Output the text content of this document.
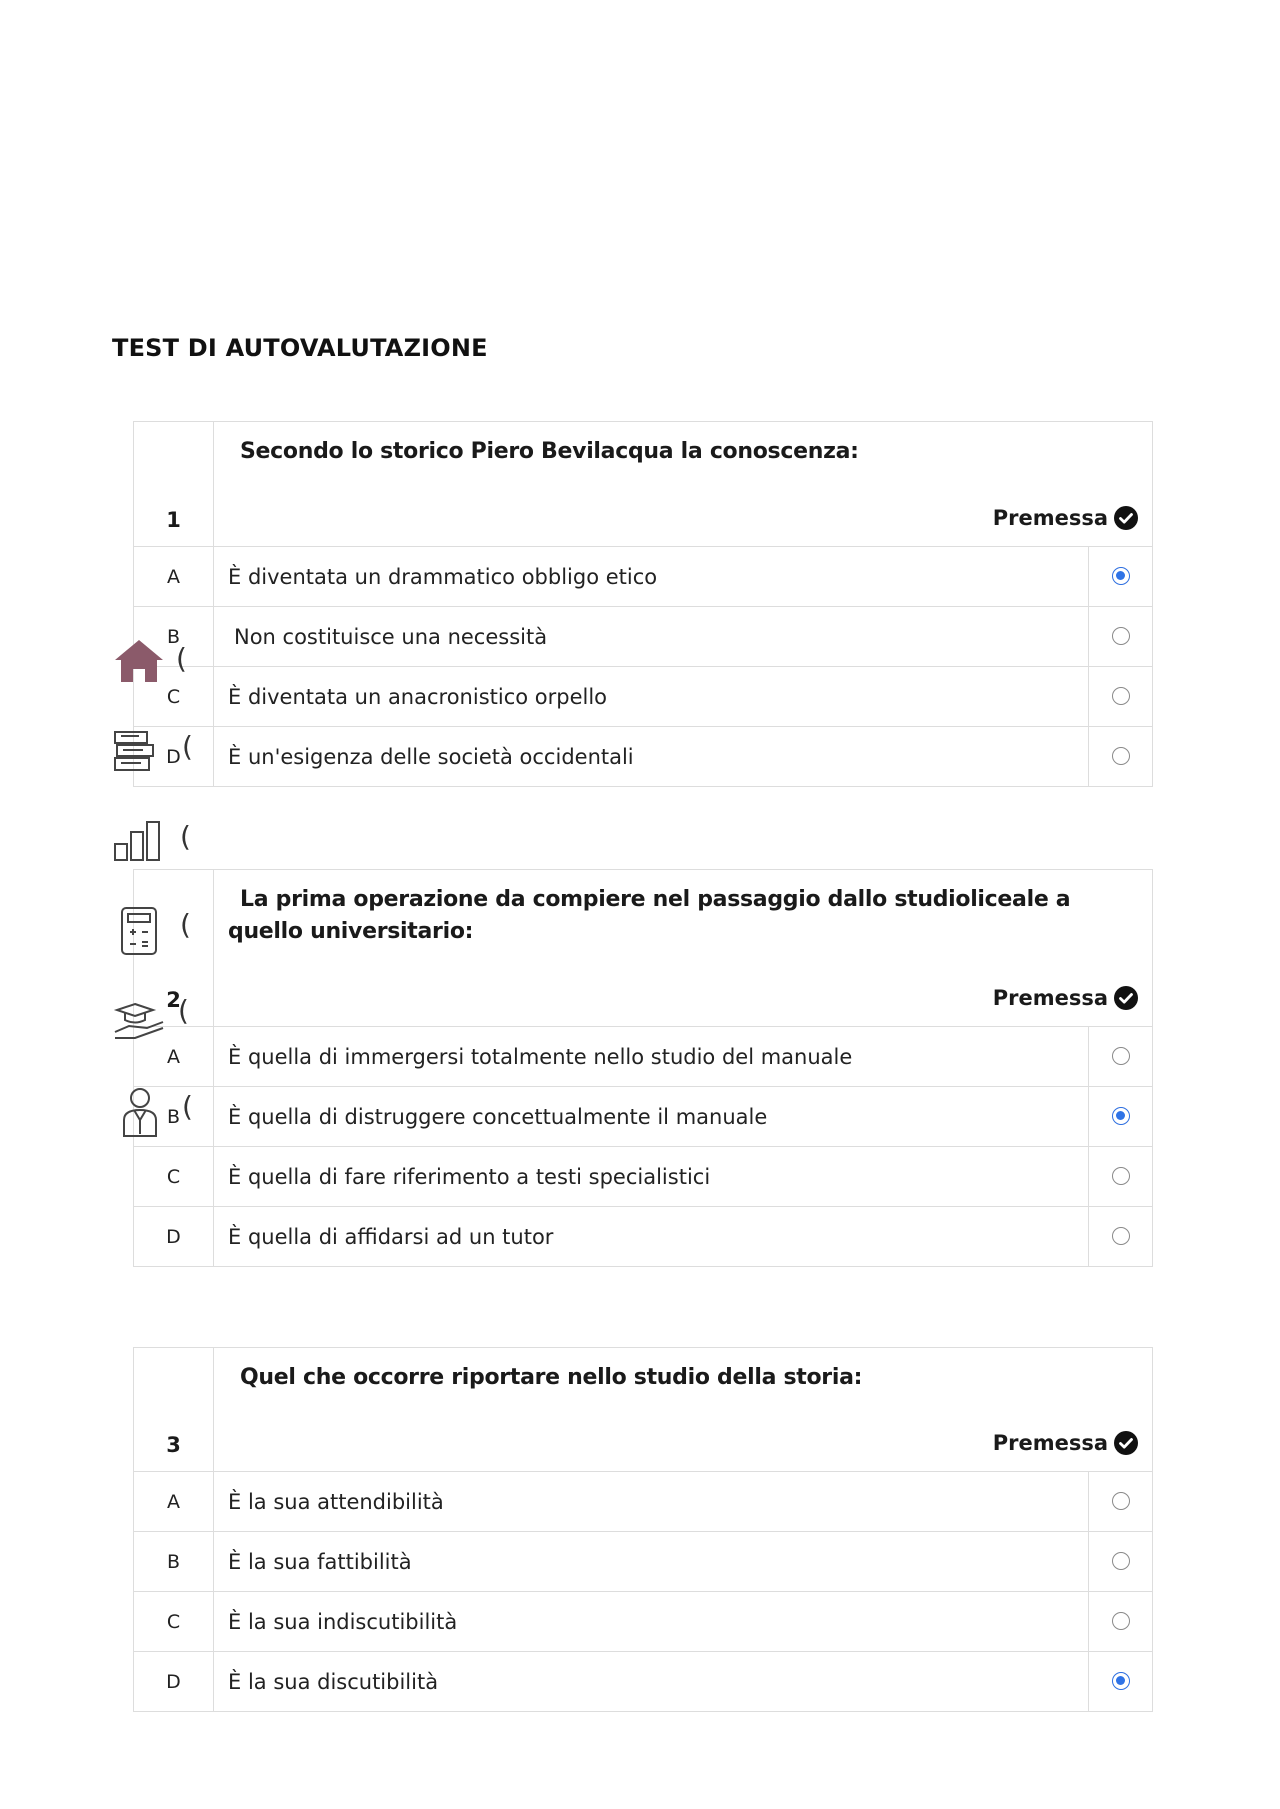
TEST DI AUTOVALUTAZIONE
1	Secondo lo storico Piero Bevilacqua la conoscenza:
Premessa	

A	È diventata un drammatico obbligo etico	
B	Non costituisce una necessità	
C	È diventata un anacronistico orpello	
D	È un'esigenza delle società occidentali	
2	La prima operazione da compiere nel passaggio dallo studioliceale a quello universitario:
Premessa	

A	È quella di immergersi totalmente nello studio del manuale	
B	È quella di distruggere concettualmente il manuale	
C	È quella di fare riferimento a testi specialistici	
D	È quella di affidarsi ad un tutor	
3	Quel che occorre riportare nello studio della storia:
Premessa	

A	È la sua attendibilità	
B	È la sua fattibilità	
C	È la sua indiscutibilità	
D	È la sua discutibilità	
(
(
(
(
(
(
